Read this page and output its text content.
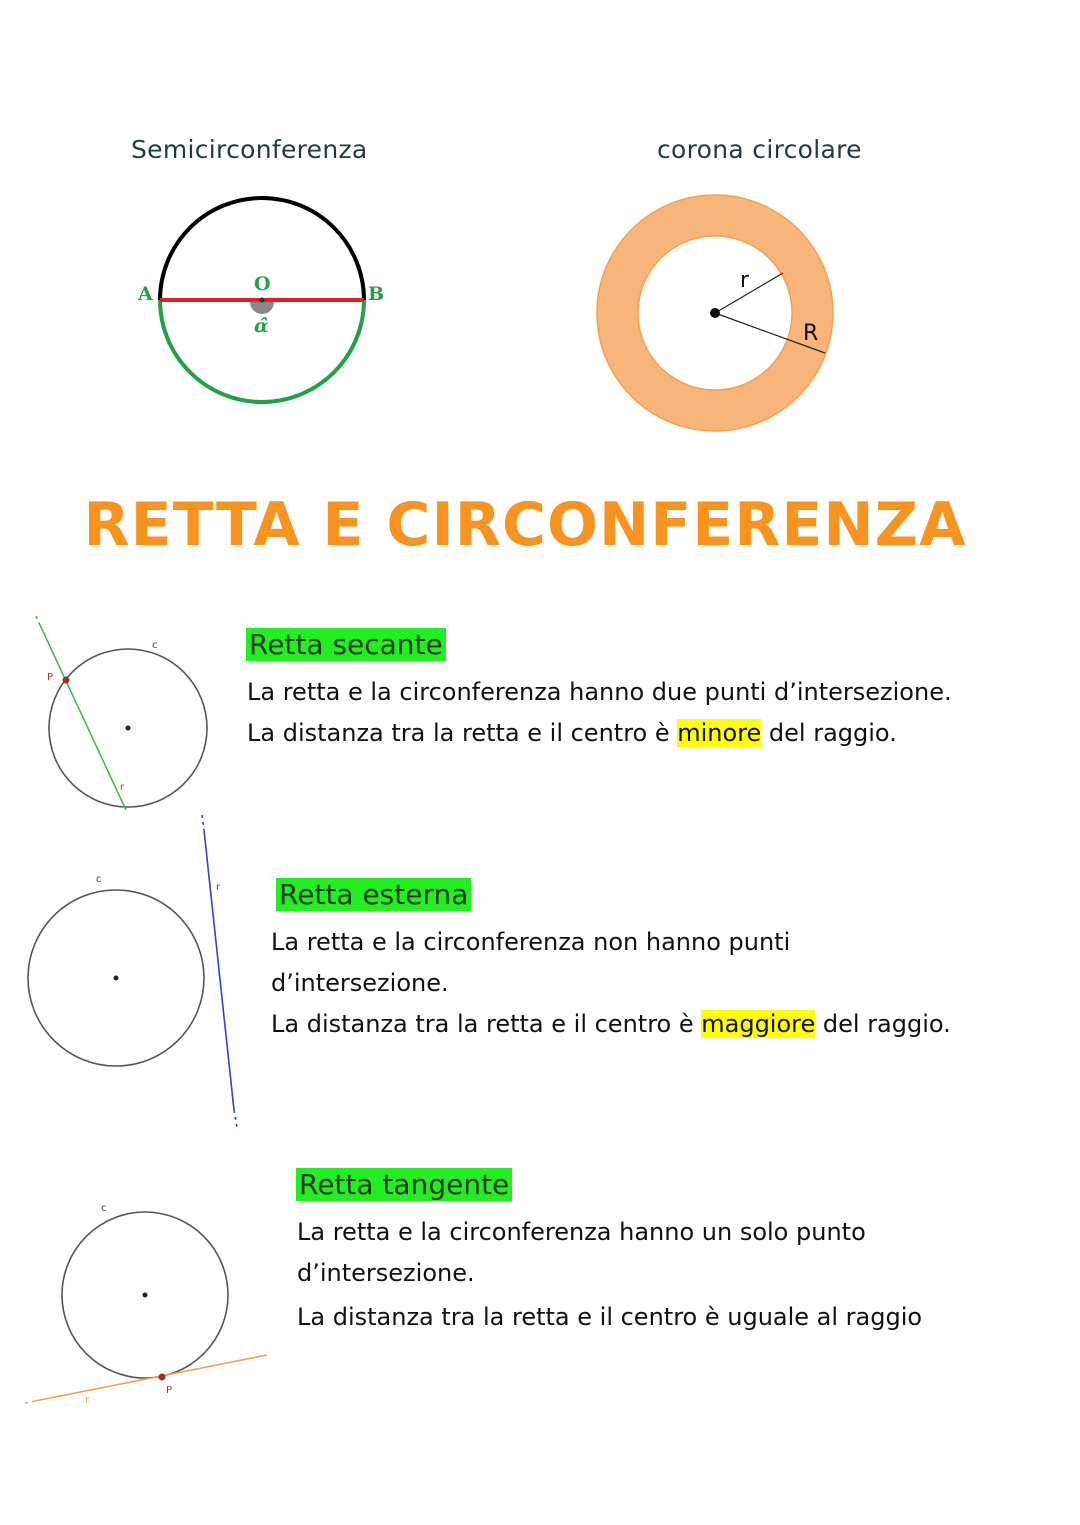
Semicirconferenza	corona circolare
A	O	B
α̂
r
R
RETTA E CIRCONFERENZA
c
P
r
Retta secante
La retta e la circonferenza hanno due punti d’intersezione.
La distanza tra la retta e il centro è minore del raggio.
c
r Retta esterna
La retta e la circonferenza non hanno punti
d’intersezione.
La distanza tra la retta e il centro è maggiore del raggio.
c
P
r
Retta tangente
La retta e la circonferenza hanno un solo punto
d’intersezione.
La distanza tra la retta e il centro è uguale al raggio
